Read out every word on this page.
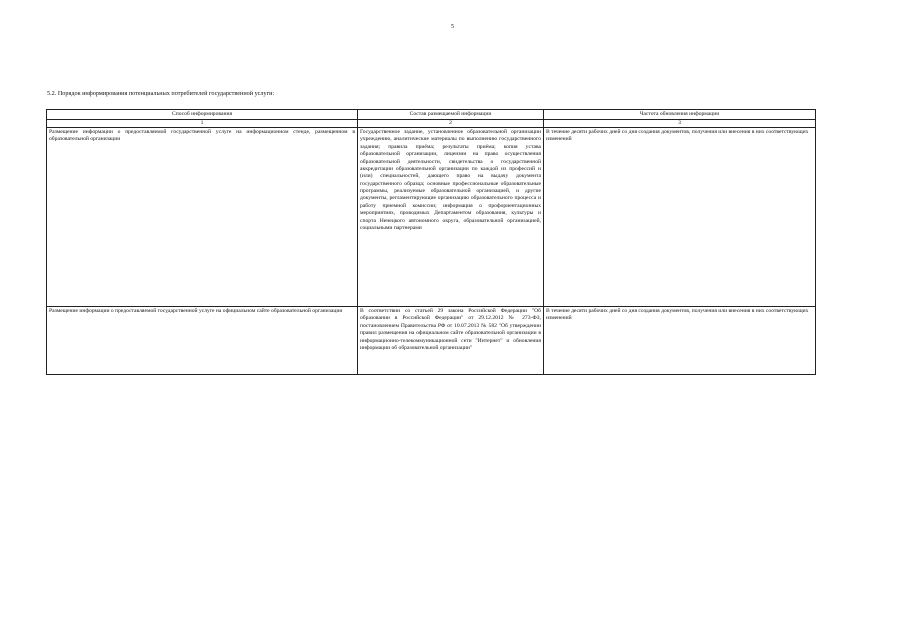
5
5.2. Порядок информирования потенциальных потребителей государственной услуги:
Способ информирования	Состав размещаемой информации	Частота обновления информации
1	2	3
Размещение информации о предоставляемой государственной услуге на информационном стенде, размещенном в образовательной организации	Государственное задание, установленное образовательной организации учреждению, аналитические материалы по выполнению государственного задания; правила приёма; результаты приёма; копия устава образовательной организации, лицензии на право осуществления образовательной деятельности, свидетельства о государственной аккредитации образовательной организации по каждой из профессий и (или) специальностей, дающего право на выдачу документа государственного образца; основные профессиональные образовательные программы, реализуемые образовательной организацией, и другие документы, регламентирующие организацию образовательного процесса и работу приемной комиссии; информация о профориентационных мероприятиях, проводимых Департаментом образования, культуры и спорта Ненецкого автономного округа, образовательной организацией, социальными партнерами	В течение десяти рабочих дней со дня создания документов, получения или внесения в них соответствующих изменений
Размещение информации о предоставляемой государственной услуге на официальном сайте образовательной организации	В соответствии со статьей 29 закона Российской Федерации "Об образовании в Российской Федерации" от 29.12.2012 № 273-ФЗ, постановлением Правительства РФ от 10.07.2013 № 582 "Об утверждении правил размещения на официальном сайте образовательной организации в информационно-телекоммуникационной сети "Интернет" и обновления информации об образовательной организации"	В течение десяти рабочих дней со дня создания документов, получения или внесения в них соответствующих изменений
